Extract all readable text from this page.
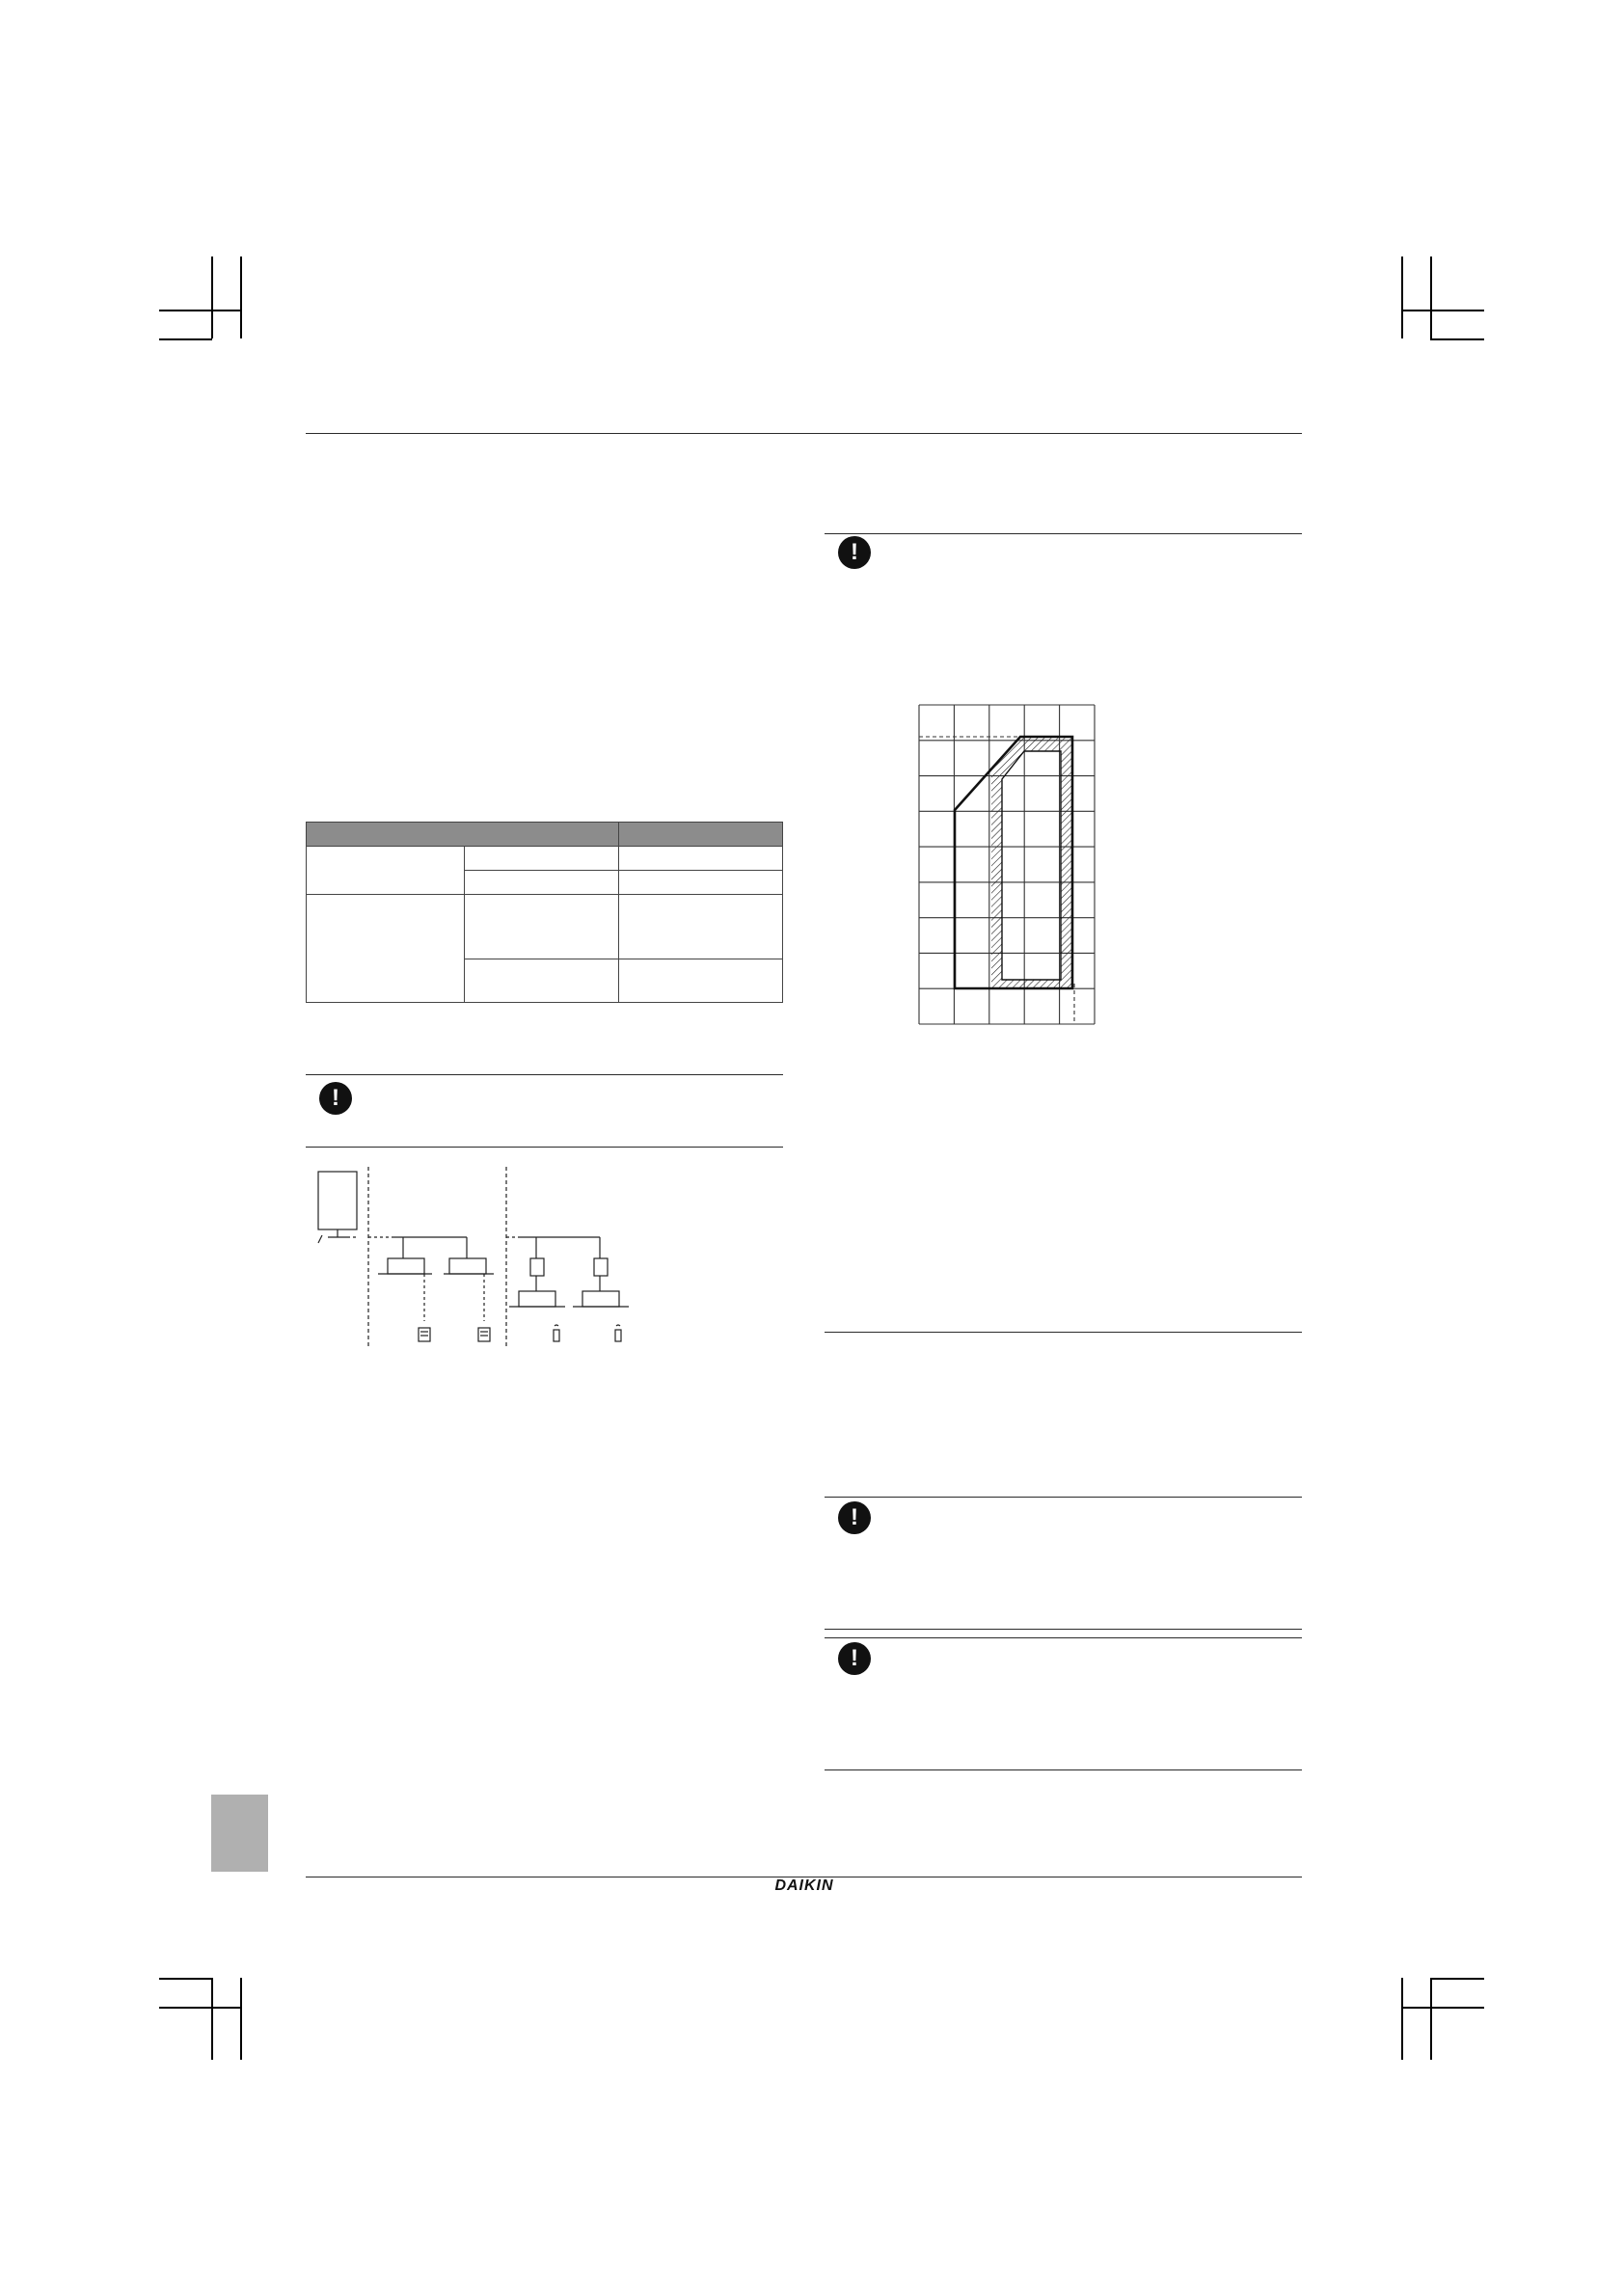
!
!
!
!
DAIKIN
